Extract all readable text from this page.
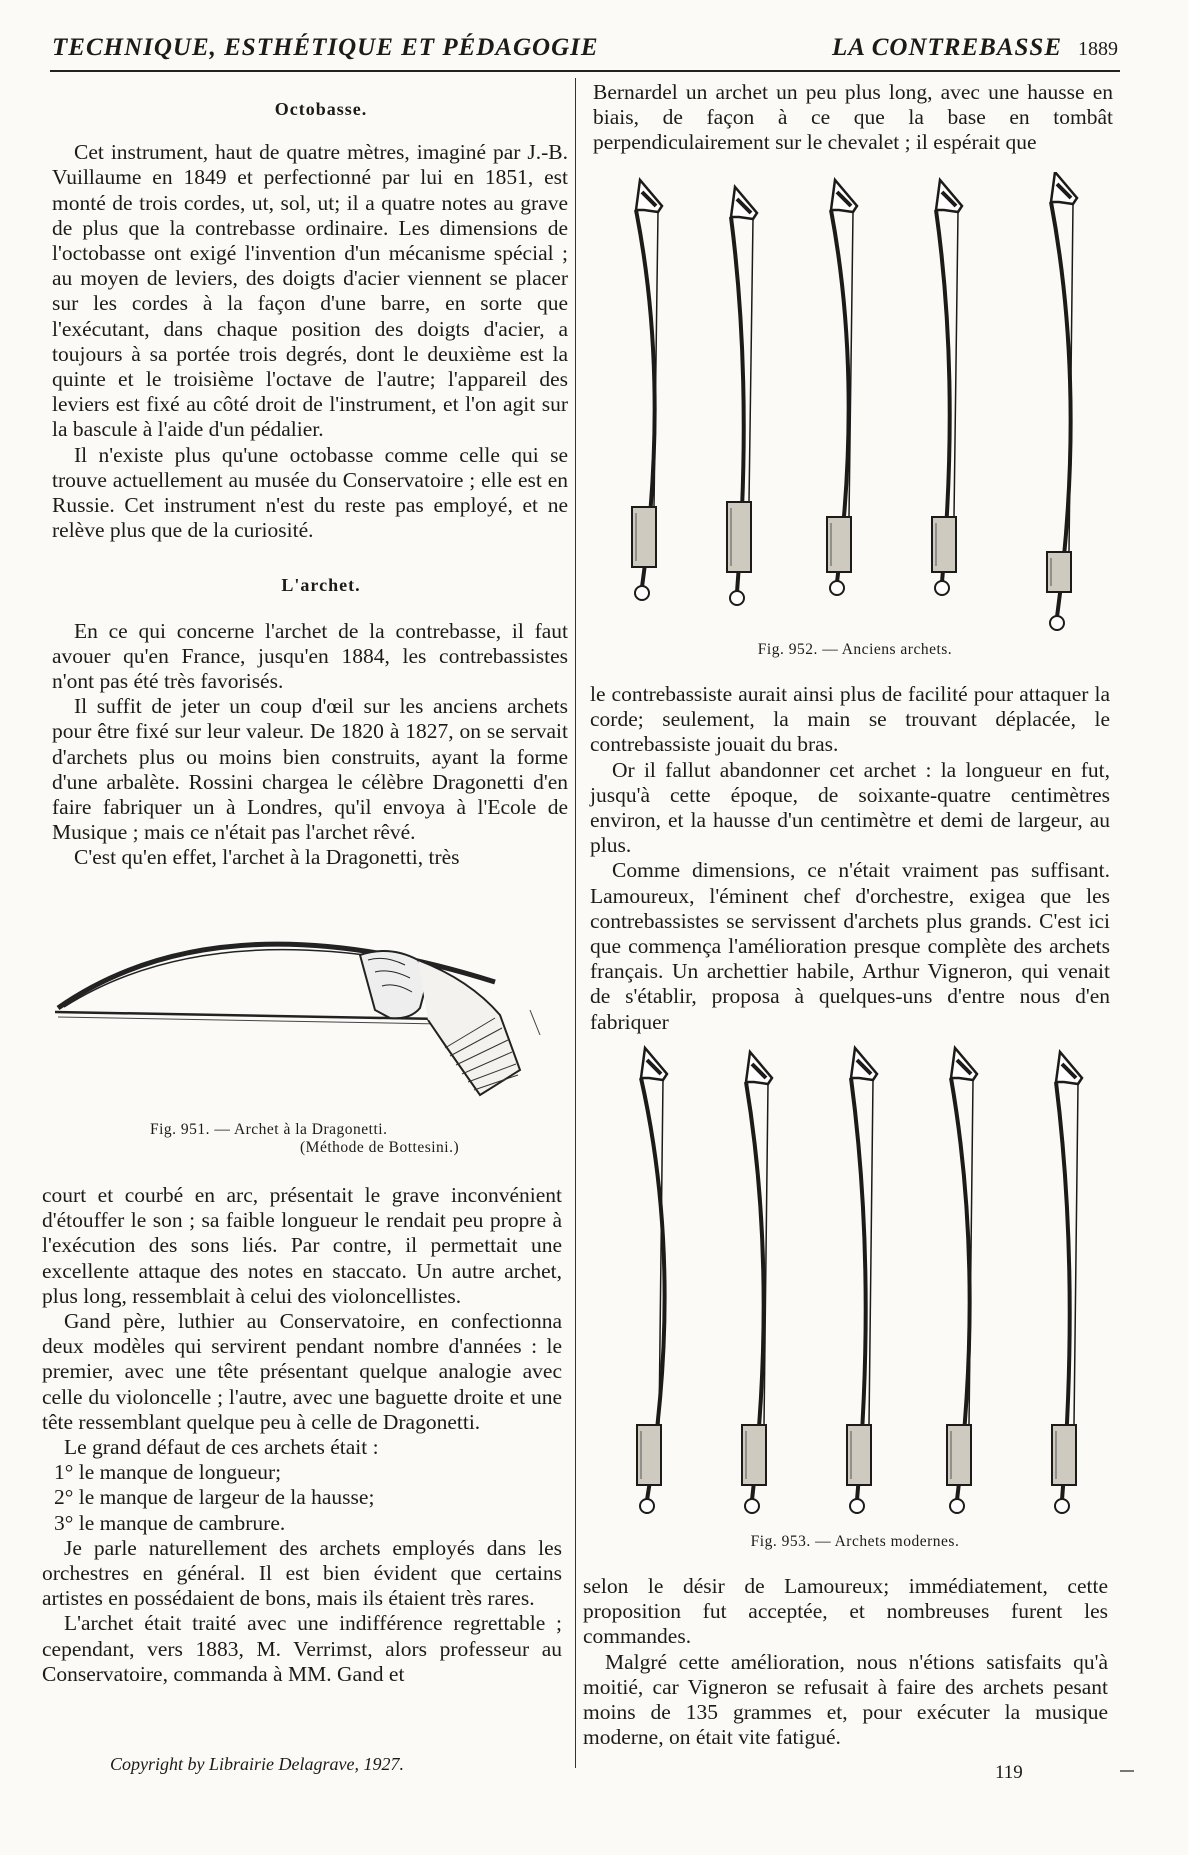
TECHNIQUE, ESTHÉTIQUE ET PÉDAGOGIE	LA CONTREBASSE 1889

Octobasse.

Cet instrument, haut de quatre mètres, imaginé par J.-B. Vuillaume en 1849 et perfectionné par lui en 1851, est monté de trois cordes, ut, sol, ut; il a quatre notes au grave de plus que la contrebasse ordinaire. Les dimensions de l'octobasse ont exigé l'invention d'un mécanisme spécial ; au moyen de leviers, des doigts d'acier viennent se placer sur les cordes à la façon d'une barre, en sorte que l'exécutant, dans chaque position des doigts d'acier, a toujours à sa portée trois degrés, dont le deuxième est la quinte et le troisième l'octave de l'autre; l'appareil des leviers est fixé au côté droit de l'instrument, et l'on agit sur la bascule à l'aide d'un pédalier.

Il n'existe plus qu'une octobasse comme celle qui se trouve actuellement au musée du Conservatoire ; elle est en Russie. Cet instrument n'est du reste pas employé, et ne relève plus que de la curiosité.

L'archet.

En ce qui concerne l'archet de la contrebasse, il faut avouer qu'en France, jusqu'en 1884, les contrebassistes n'ont pas été très favorisés.

Il suffit de jeter un coup d'œil sur les anciens archets pour être fixé sur leur valeur. De 1820 à 1827, on se servait d'archets plus ou moins bien construits, ayant la forme d'une arbalète. Rossini chargea le célèbre Dragonetti d'en faire fabriquer un à Londres, qu'il envoya à l'Ecole de Musique ; mais ce n'était pas l'archet rêvé.

C'est qu'en effet, l'archet à la Dragonetti, très

Fig. 951. — Archet à la Dragonetti.
(Méthode de Bottesini.)

court et courbé en arc, présentait le grave inconvénient d'étouffer le son ; sa faible longueur le rendait peu propre à l'exécution des sons liés. Par contre, il permettait une excellente attaque des notes en staccato. Un autre archet, plus long, ressemblait à celui des violoncellistes.

Gand père, luthier au Conservatoire, en confectionna deux modèles qui servirent pendant nombre d'années : le premier, avec une tête présentant quelque analogie avec celle du violoncelle ; l'autre, avec une baguette droite et une tête ressemblant quelque peu à celle de Dragonetti.

Le grand défaut de ces archets était :

1° le manque de longueur;

2° le manque de largeur de la hausse;

3° le manque de cambrure.

Je parle naturellement des archets employés dans les orchestres en général. Il est bien évident que certains artistes en possédaient de bons, mais ils étaient très rares.

L'archet était traité avec une indifférence regrettable ; cependant, vers 1883, M. Verrimst, alors professeur au Conservatoire, commanda à MM. Gand et

Bernardel un archet un peu plus long, avec une hausse en biais, de façon à ce que la base en tombât perpendiculairement sur le chevalet ; il espérait que

Fig. 952. — Anciens archets.

le contrebassiste aurait ainsi plus de facilité pour attaquer la corde; seulement, la main se trouvant déplacée, le contrebassiste jouait du bras.

Or il fallut abandonner cet archet : la longueur en fut, jusqu'à cette époque, de soixante-quatre centimètres environ, et la hausse d'un centimètre et demi de largeur, au plus.

Comme dimensions, ce n'était vraiment pas suffisant. Lamoureux, l'éminent chef d'orchestre, exigea que les contrebassistes se servissent d'archets plus grands. C'est ici que commença l'amélioration presque complète des archets français. Un archettier habile, Arthur Vigneron, qui venait de s'établir, proposa à quelques-uns d'entre nous d'en fabriquer

Fig. 953. — Archets modernes.

selon le désir de Lamoureux; immédiatement, cette proposition fut acceptée, et nombreuses furent les commandes.

Malgré cette amélioration, nous n'étions satisfaits qu'à moitié, car Vigneron se refusait à faire des archets pesant moins de 135 grammes et, pour exécuter la musique moderne, on était vite fatigué.

Copyright by Librairie Delagrave, 1927.	119
